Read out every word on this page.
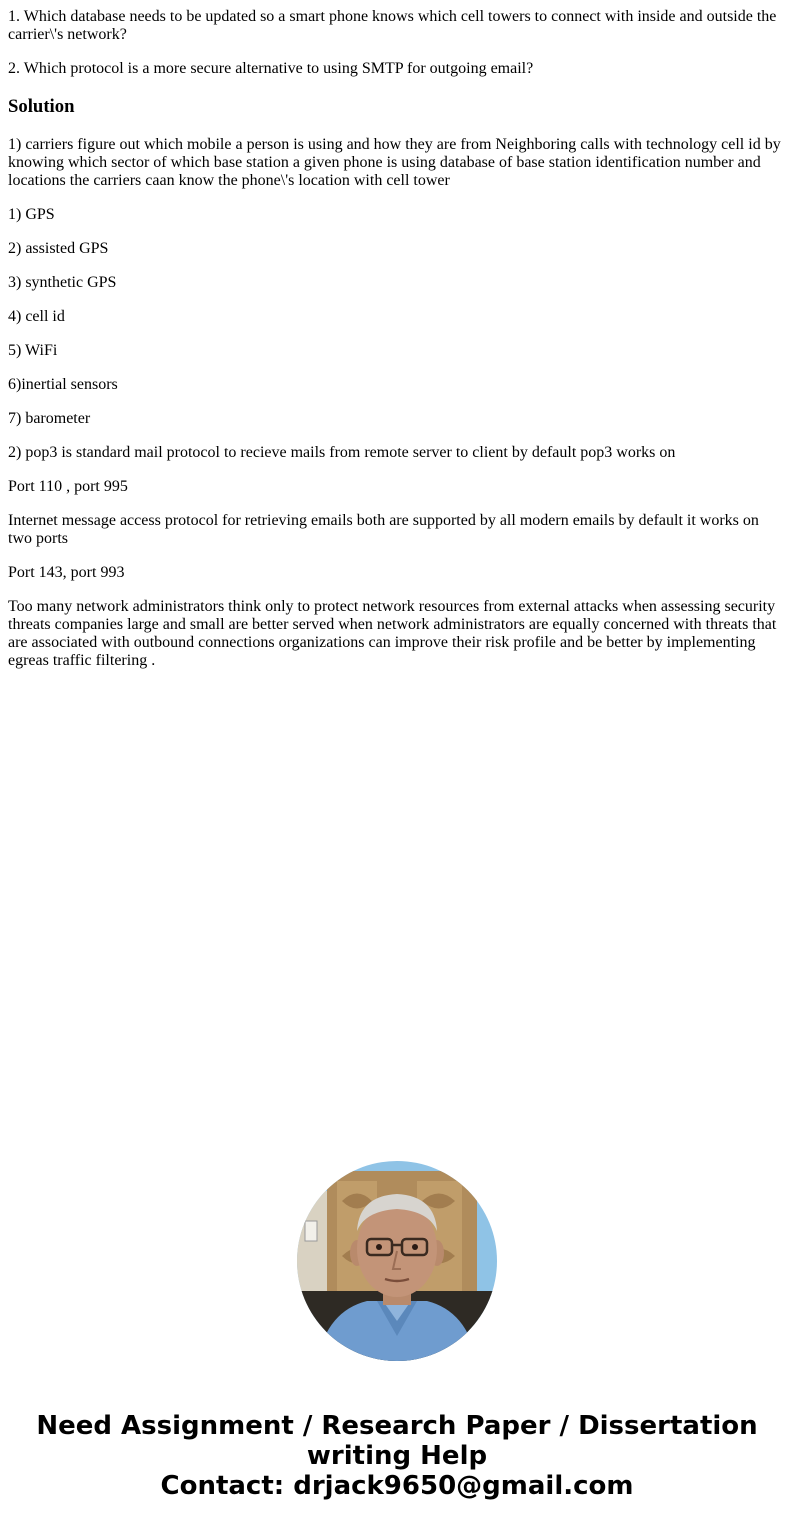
1. Which database needs to be updated so a smart phone knows which cell towers to connect with inside and outside the carrier\'s network?

2. Which protocol is a more secure alternative to using SMTP for outgoing email?

Solution

1) carriers figure out which mobile a person is using and how they are from Neighboring calls with technology cell id by knowing which sector of which base station a given phone is using database of base station identification number and locations the carriers caan know the phone\'s location with cell tower

1) GPS

2) assisted GPS

3) synthetic GPS

4) cell id

5) WiFi

6)inertial sensors

7) barometer

2) pop3 is standard mail protocol to recieve mails from remote server to client by default pop3 works on

Port 110 , port 995

Internet message access protocol for retrieving emails both are supported by all modern emails by default it works on two ports

Port 143, port 993

Too many network administrators think only to protect network resources from external attacks when assessing security threats companies large and small are better served when network administrators are equally concerned with threats that are associated with outbound connections organizations can improve their risk profile and be better by implementing egreas traffic filtering .

Need Assignment / Research Paper / Dissertation
writing Help
Contact: drjack9650@gmail.com
